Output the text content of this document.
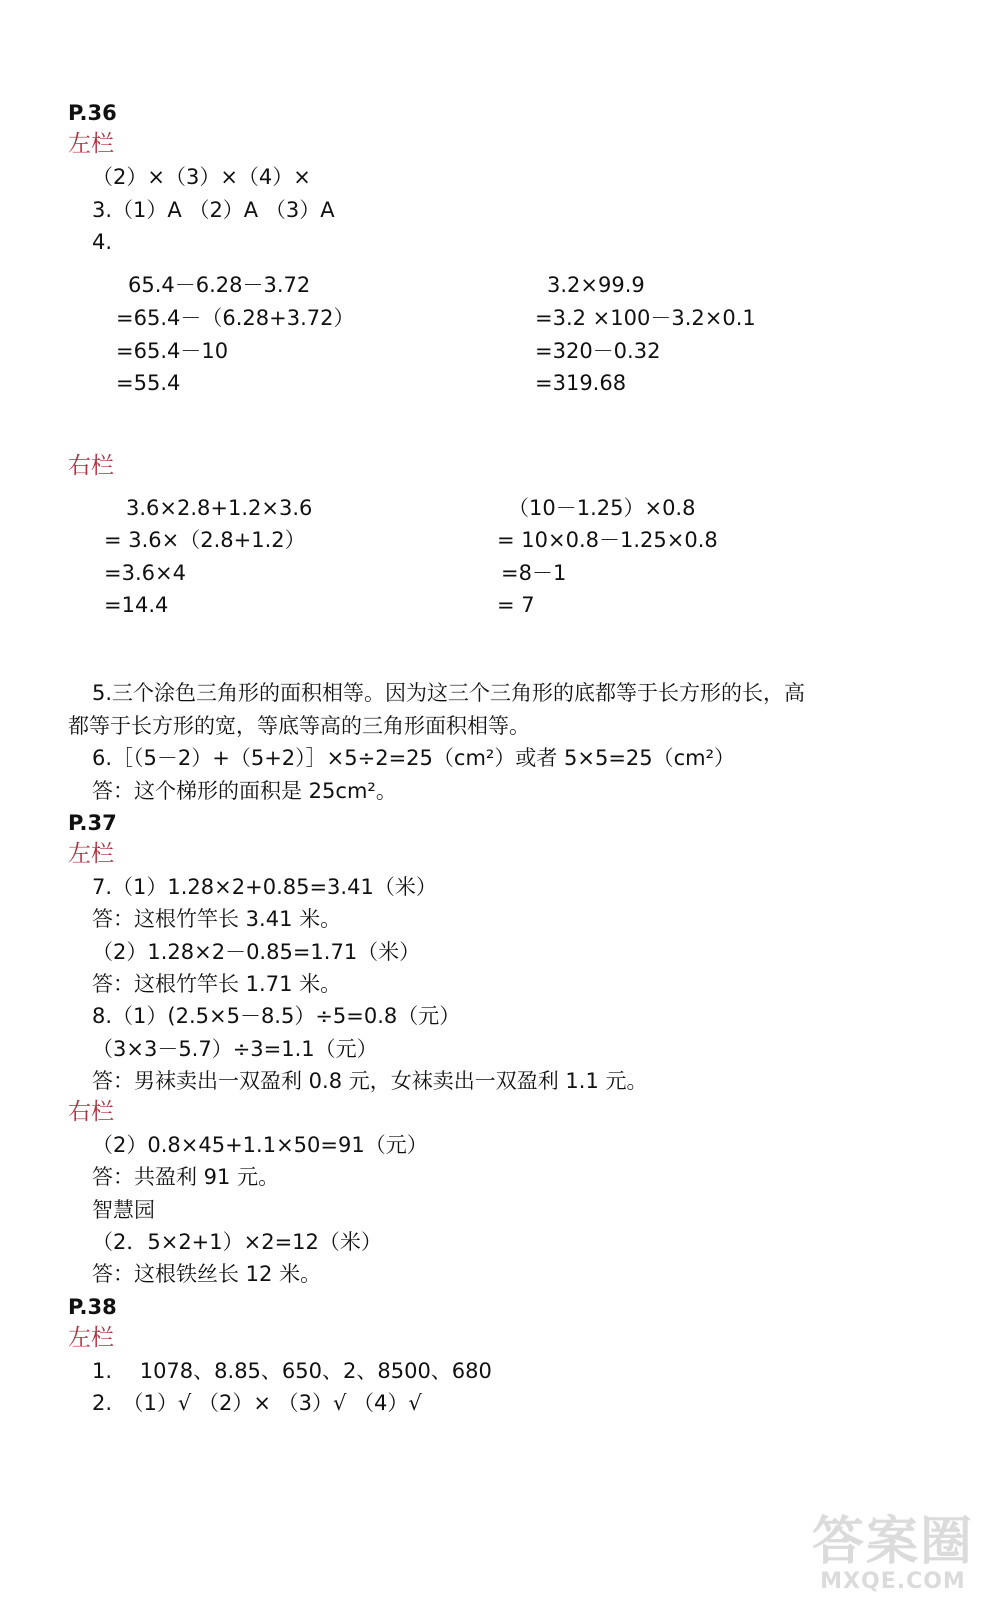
P.36
左栏
（2）×（3）×（4）×
3.（1）A （2）A （3）A
4.
65.4－6.28－3.72
=65.4－（6.28+3.72）
=65.4－10
=55.4
3.2×99.9
=3.2 ×100－3.2×0.1
=320－0.32
=319.68
右栏
3.6×2.8+1.2×3.6
= 3.6×（2.8+1.2）
=3.6×4
=14.4
（10－1.25）×0.8
= 10×0.8－1.25×0.8
=8－1
= 7
5.三个涂色三角形的面积相等。因为这三个三角形的底都等于长方形的长，高
都等于长方形的宽，等底等高的三角形面积相等。
6.［（5－2）+（5+2）］×5÷2=25（cm²）或者 5×5=25（cm²）
答：这个梯形的面积是 25cm²。
P.37
左栏
7.（1）1.28×2+0.85=3.41（米）
答：这根竹竿长 3.41 米。
（2）1.28×2－0.85=1.71（米）
答：这根竹竿长 1.71 米。
8.（1）(2.5×5－8.5）÷5=0.8（元）
（3×3－5.7）÷3=1.1（元）
答：男袜卖出一双盈利 0.8 元，女袜卖出一双盈利 1.1 元。
右栏
（2）0.8×45+1.1×50=91（元）
答：共盈利 91 元。
智慧园
（2．5×2+1）×2=12（米）
答：这根铁丝长 12 米。
P.38
左栏
1.　 1078、8.85、650、2、8500、680
2.　（1）√ （2）× （3）√ （4）√
答案圈
MXQE.COM
